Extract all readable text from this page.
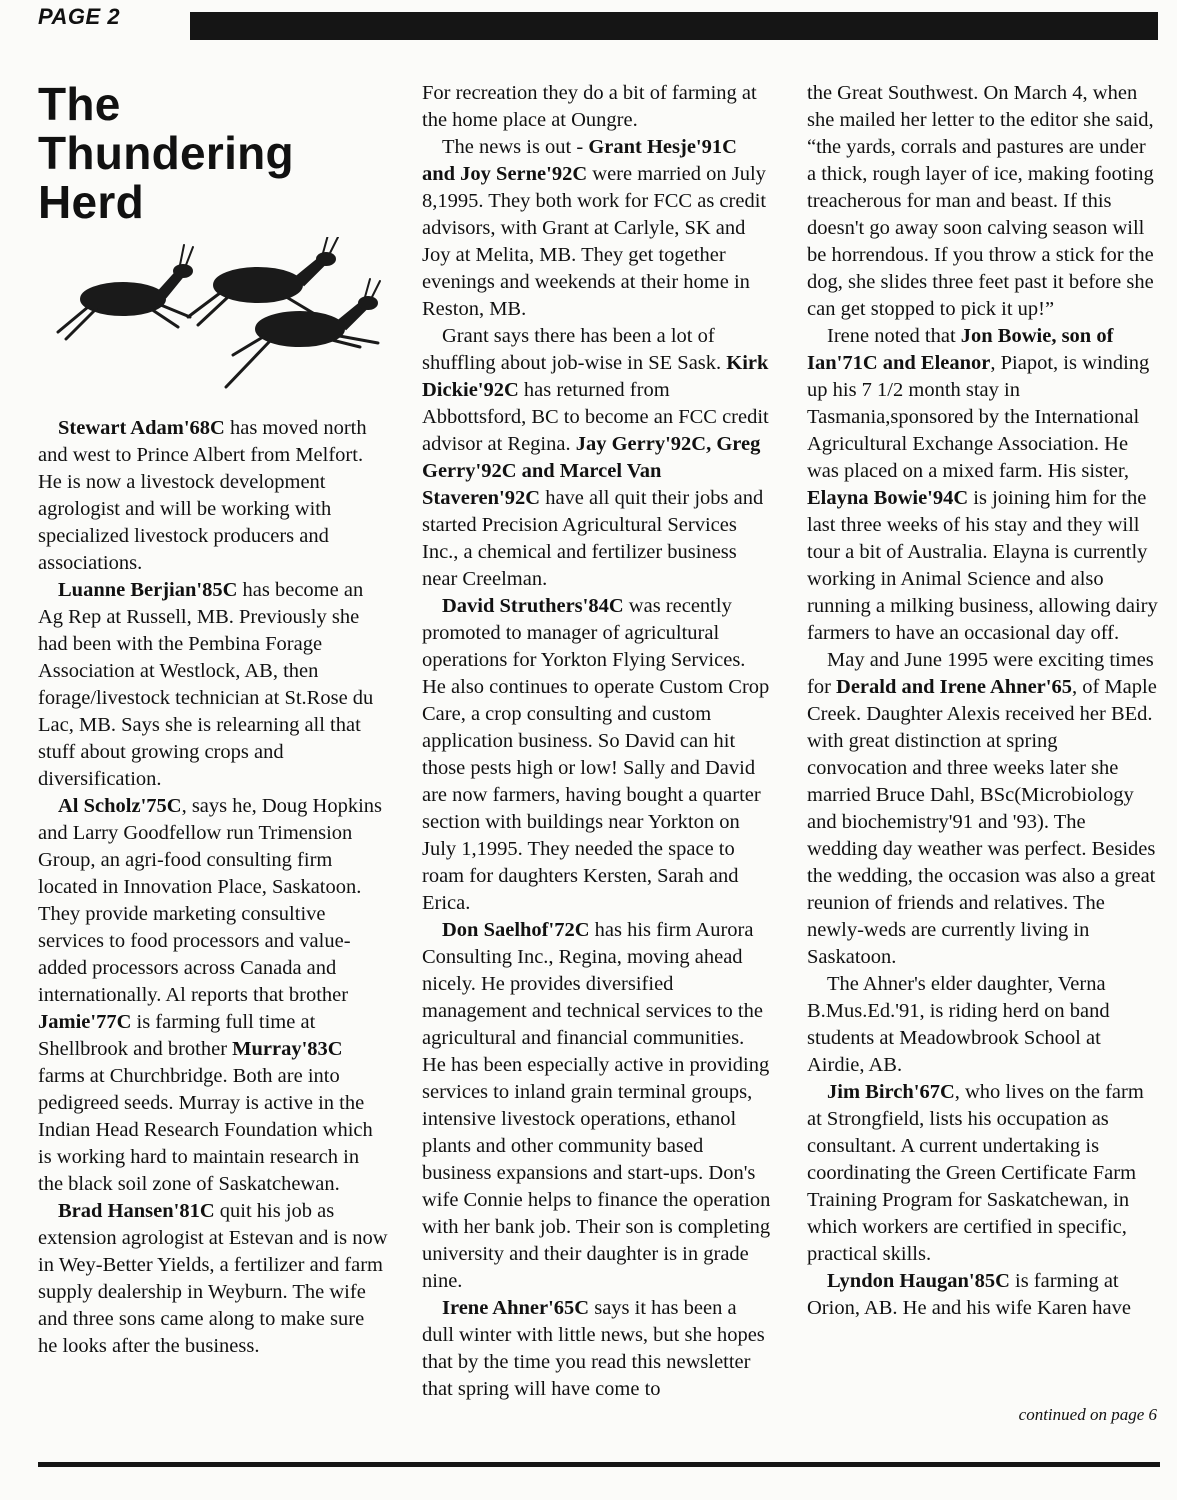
PAGE 2
The
Thundering
Herd

Stewart Adam'68C has moved north and west to Prince Albert from Melfort. He is now a livestock development agrologist and will be working with specialized livestock producers and associations.

Luanne Berjian'85C has become an Ag Rep at Russell, MB. Previously she had been with the Pembina Forage Association at Westlock, AB, then forage/livestock technician at St.Rose du Lac, MB. Says she is relearning all that stuff about growing crops and diversification.

Al Scholz'75C, says he, Doug Hopkins and Larry Goodfellow run Trimension Group, an agri-food consulting firm located in Innovation Place, Saskatoon. They provide marketing consultive services to food processors and value-added processors across Canada and internationally. Al reports that brother Jamie'77C is farming full time at Shellbrook and brother Murray'83C farms at Churchbridge. Both are into pedigreed seeds. Murray is active in the Indian Head Research Foundation which is working hard to maintain research in the black soil zone of Saskatchewan.

Brad Hansen'81C quit his job as extension agrologist at Estevan and is now in Wey-Better Yields, a fertilizer and farm supply dealership in Weyburn. The wife and three sons came along to make sure he looks after the business.

For recreation they do a bit of farming at the home place at Oungre.

The news is out - Grant Hesje'91C and Joy Serne'92C were married on July 8,1995. They both work for FCC as credit advisors, with Grant at Carlyle, SK and Joy at Melita, MB. They get together evenings and weekends at their home in Reston, MB.

Grant says there has been a lot of shuffling about job-wise in SE Sask. Kirk Dickie'92C has returned from Abbottsford, BC to become an FCC credit advisor at Regina. Jay Gerry'92C, Greg Gerry'92C and Marcel Van Staveren'92C have all quit their jobs and started Precision Agricultural Services Inc., a chemical and fertilizer business near Creelman.

David Struthers'84C was recently promoted to manager of agricultural operations for Yorkton Flying Services. He also continues to operate Custom Crop Care, a crop consulting and custom application business. So David can hit those pests high or low! Sally and David are now farmers, having bought a quarter section with buildings near Yorkton on July 1,1995. They needed the space to roam for daughters Kersten, Sarah and Erica.

Don Saelhof'72C has his firm Aurora Consulting Inc., Regina, moving ahead nicely. He provides diversified management and technical services to the agricultural and financial communities. He has been especially active in providing services to inland grain terminal groups, intensive livestock operations, ethanol plants and other community based business expansions and start-ups. Don's wife Connie helps to finance the operation with her bank job. Their son is completing university and their daughter is in grade nine.

Irene Ahner'65C says it has been a dull winter with little news, but she hopes that by the time you read this newsletter that spring will have come to

the Great Southwest. On March 4, when she mailed her letter to the editor she said, “the yards, corrals and pastures are under a thick, rough layer of ice, making footing treacherous for man and beast. If this doesn't go away soon calving season will be horrendous. If you throw a stick for the dog, she slides three feet past it before she can get stopped to pick it up!”

Irene noted that Jon Bowie, son of Ian'71C and Eleanor, Piapot, is winding up his 7 1/2 month stay in Tasmania,sponsored by the International Agricultural Exchange Association. He was placed on a mixed farm. His sister, Elayna Bowie'94C is joining him for the last three weeks of his stay and they will tour a bit of Australia. Elayna is currently working in Animal Science and also running a milking business, allowing dairy farmers to have an occasional day off.

May and June 1995 were exciting times for Derald and Irene Ahner'65, of Maple Creek. Daughter Alexis received her BEd. with great distinction at spring convocation and three weeks later she married Bruce Dahl, BSc(Microbiology and biochemistry'91 and '93). The wedding day weather was perfect. Besides the wedding, the occasion was also a great reunion of friends and relatives. The newly-weds are currently living in Saskatoon.

The Ahner's elder daughter, Verna B.Mus.Ed.'91, is riding herd on band students at Meadowbrook School at Airdie, AB.

Jim Birch'67C, who lives on the farm at Strongfield, lists his occupation as consultant. A current undertaking is coordinating the Green Certificate Farm Training Program for Saskatchewan, in which workers are certified in specific, practical skills.

Lyndon Haugan'85C is farming at Orion, AB. He and his wife Karen have

continued on page 6
